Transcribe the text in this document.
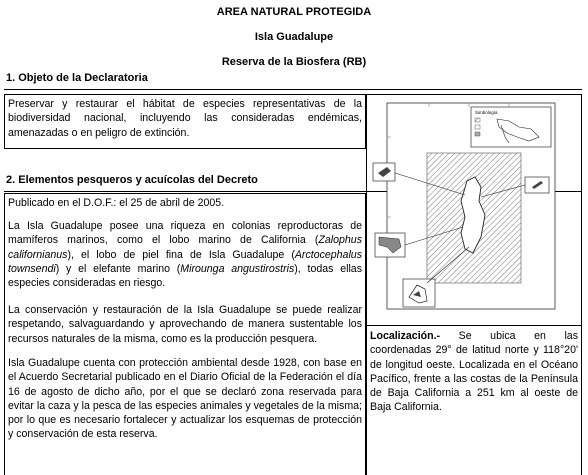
AREA NATURAL PROTEGIDA
Isla Guadalupe
Reserva de la Biosfera (RB)
1. Objeto de la Declaratoria
Preservar y restaurar el hábitat de especies representativas de la biodiversidad nacional, incluyendo las consideradas endémicas, amenazadas o en peligro de extinción.
2. Elementos pesqueros y acuícolas del Decreto
Publicado en el D.O.F.: el 25 de abril de 2005.
La Isla Guadalupe posee una riqueza en colonias reproductoras de mamíferos marinos, como el lobo marino de California (Zalophus californianus), el lobo de piel fina de Isla Guadalupe (Arctocephalus townsendi) y el elefante marino (Mirounga angustirostris), todas ellas especies consideradas en riesgo.
La conservación y restauración de la Isla Guadalupe se puede realizar respetando, salvaguardando y aprovechando de manera sustentable los recursos naturales de la misma, como es la producción pesquera.
Isla Guadalupe cuenta con protección ambiental desde 1928, con base en el Acuerdo Secretarial publicado en el Diario Oficial de la Federación el día 16 de agosto de dicho año, por el que se declaró zona reservada para evitar la caza y la pesca de las especies animales y vegetales de la misma; por lo que es necesario fortalecer y actualizar los esquemas de protección y conservación de esta reserva.
Simbología
Localización.- Se ubica en las coordenadas 29° de latitud norte y 118°20' de longitud oeste. Localizada en el Océano Pacífico, frente a las costas de la Península de Baja California a 251 km al oeste de Baja California.
